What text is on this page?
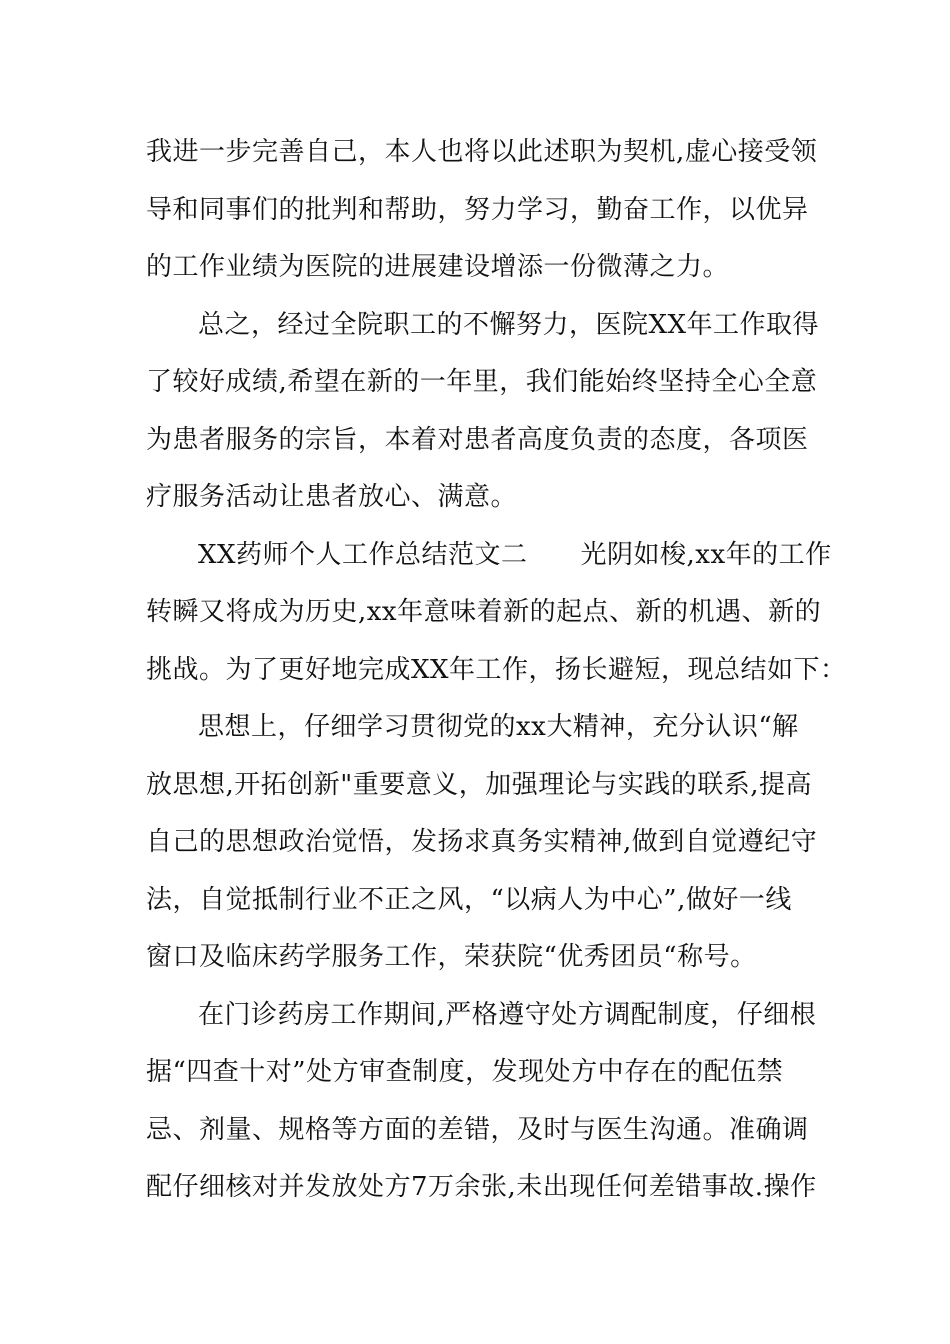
我进一步完善自己，本人也将以此述职为契机,虚心接受领
导和同事们的批判和帮助，努力学习，勤奋工作，以优异
的工作业绩为医院的进展建设增添一份微薄之力。
总之，经过全院职工的不懈努力，医院XX年工作取得
了较好成绩,希望在新的一年里，我们能始终坚持全心全意
为患者服务的宗旨，本着对患者高度负责的态度，各项医
疗服务活动让患者放心、满意。
XX药师个人工作总结范文二　　光阴如梭,xx年的工作
转瞬又将成为历史,xx年意味着新的起点、新的机遇、新的
挑战。为了更好地完成XX年工作，扬长避短，现总结如下：
思想上，仔细学习贯彻党的xx大精神，充分认识“解
放思想,开拓创新"重要意义，加强理论与实践的联系,提高
自己的思想政治觉悟，发扬求真务实精神,做到自觉遵纪守
法，自觉抵制行业不正之风，“以病人为中心”,做好一线
窗口及临床药学服务工作，荣获院“优秀团员“称号。
在门诊药房工作期间,严格遵守处方调配制度，仔细根
据“四查十对”处方审查制度，发现处方中存在的配伍禁
忌、剂量、规格等方面的差错，及时与医生沟通。准确调
配仔细核对并发放处方7万余张,未出现任何差错事故.操作
